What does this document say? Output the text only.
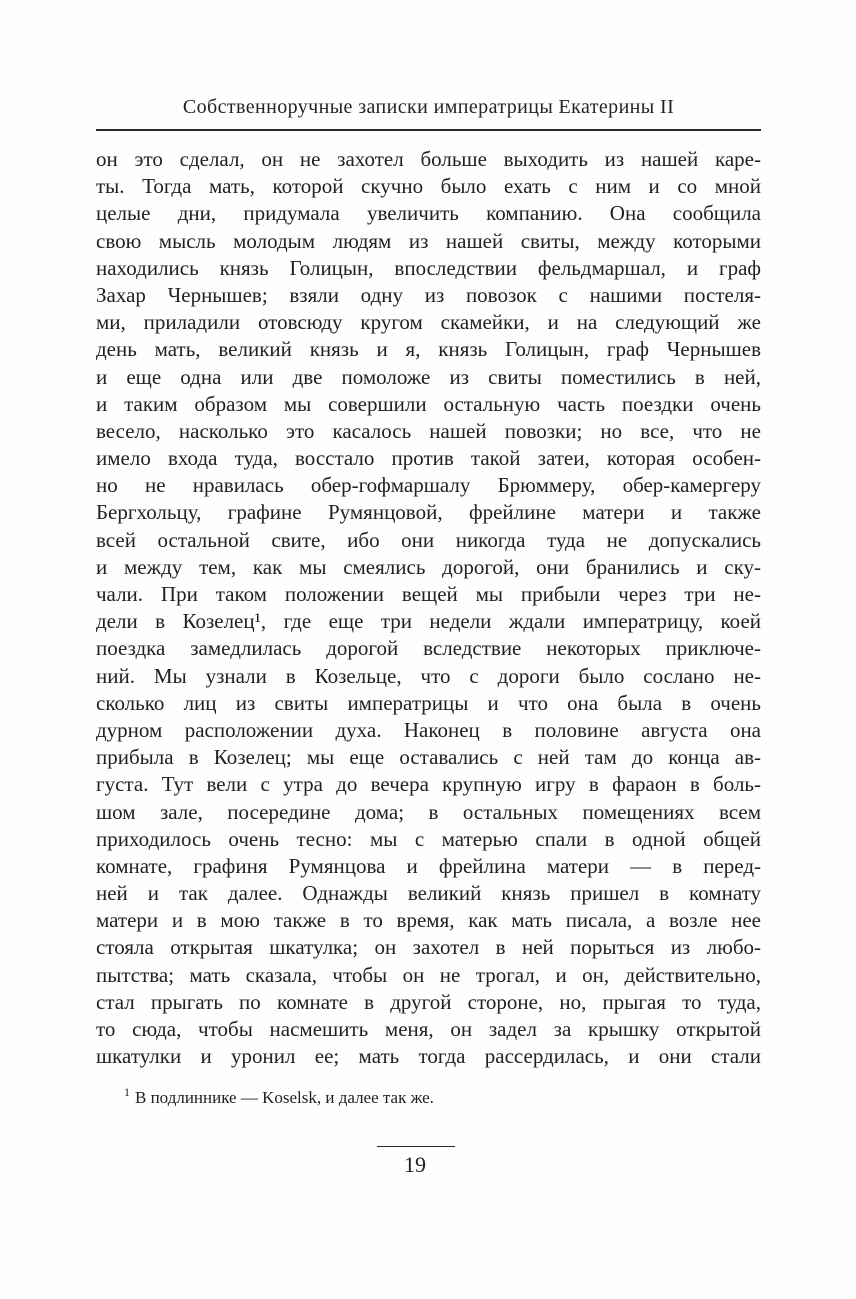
Собственноручные записки императрицы Екатерины II
он это сделал, он не захотел больше выходить из нашей каре-
ты. Тогда мать, которой скучно было ехать с ним и со мной
целые дни, придумала увеличить компанию. Она сообщила
свою мысль молодым людям из нашей свиты, между которыми
находились князь Голицын, впоследствии фельдмаршал, и граф
Захар Чернышев; взяли одну из повозок с нашими постеля-
ми, приладили отовсюду кругом скамейки, и на следующий же
день мать, великий князь и я, князь Голицын, граф Чернышев
и еще одна или две помоложе из свиты поместились в ней,
и таким образом мы совершили остальную часть поездки очень
весело, насколько это касалось нашей повозки; но все, что не
имело входа туда, восстало против такой затеи, которая особен-
но не нравилась обер-гофмаршалу Брюммеру, обер-камергеру
Бергхольцу, графине Румянцовой, фрейлине матери и также
всей остальной свите, ибо они никогда туда не допускались
и между тем, как мы смеялись дорогой, они бранились и ску-
чали. При таком положении вещей мы прибыли через три не-
дели в Козелец¹, где еще три недели ждали императрицу, коей
поездка замедлилась дорогой вследствие некоторых приключе-
ний. Мы узнали в Козельце, что с дороги было сослано не-
сколько лиц из свиты императрицы и что она была в очень
дурном расположении духа. Наконец в половине августа она
прибыла в Козелец; мы еще оставались с ней там до конца ав-
густа. Тут вели с утра до вечера крупную игру в фараон в боль-
шом зале, посередине дома; в остальных помещениях всем
приходилось очень тесно: мы с матерью спали в одной общей
комнате, графиня Румянцова и фрейлина матери — в перед-
ней и так далее. Однажды великий князь пришел в комнату
матери и в мою также в то время, как мать писала, а возле нее
стояла открытая шкатулка; он захотел в ней порыться из любо-
пытства; мать сказала, чтобы он не трогал, и он, действительно,
стал прыгать по комнате в другой стороне, но, прыгая то туда,
то сюда, чтобы насмешить меня, он задел за крышку открытой
шкатулки и уронил ее; мать тогда рассердилась, и они стали
$^1$ В подлиннике — Koselsk, и далее так же.
19
